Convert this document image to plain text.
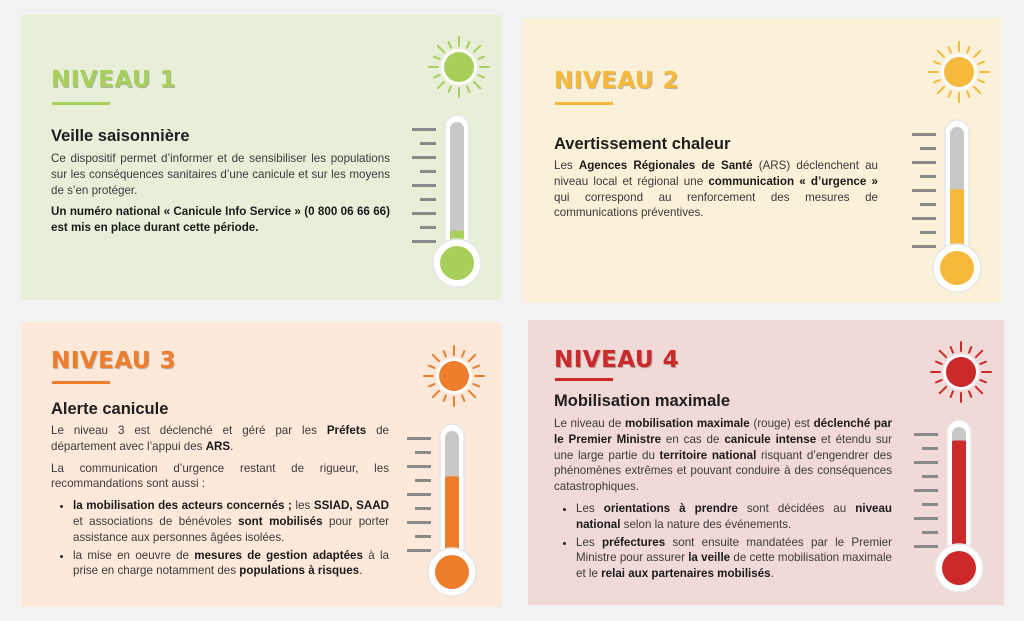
NIVEAU 1
Veille saisonnière

Ce dispositif permet d’informer et de sensibiliser les populations sur les conséquences sanitaires d’une canicule et sur les moyens de s’en protéger.

Un numéro national « Canicule Info Service » (0 800 06 66 66) est mis en place durant cette période.

NIVEAU 2
Avertissement chaleur

Les Agences Régionales de Santé (ARS) déclenchent au niveau local et régional une communication « d’urgence » qui correspond au renforcement des mesures de communications préventives.

NIVEAU 3
Alerte canicule

Le niveau 3 est déclenché et géré par les Préfets de département avec l’appui des ARS.

La communication d’urgence restant de rigueur, les recommandations sont aussi :

• la mobilisation des acteurs concernés ; les SSIAD, SAAD et associations de bénévoles sont mobilisés pour porter assistance aux personnes âgées isolées.
• la mise en oeuvre de mesures de gestion adaptées à la prise en charge notamment des populations à risques.
NIVEAU 4
Mobilisation maximale

Le niveau de mobilisation maximale (rouge) est déclenché par le Premier Ministre en cas de canicule intense et étendu sur une large partie du territoire national risquant d’engendrer des phénomènes extrêmes et pouvant conduire à des conséquences catastrophiques.

• Les orientations à prendre sont décidées au niveau national selon la nature des événements.
• Les préfectures sont ensuite mandatées par le Premier Ministre pour assurer la veille de cette mobilisation maximale et le relai aux partenaires mobilisés.
